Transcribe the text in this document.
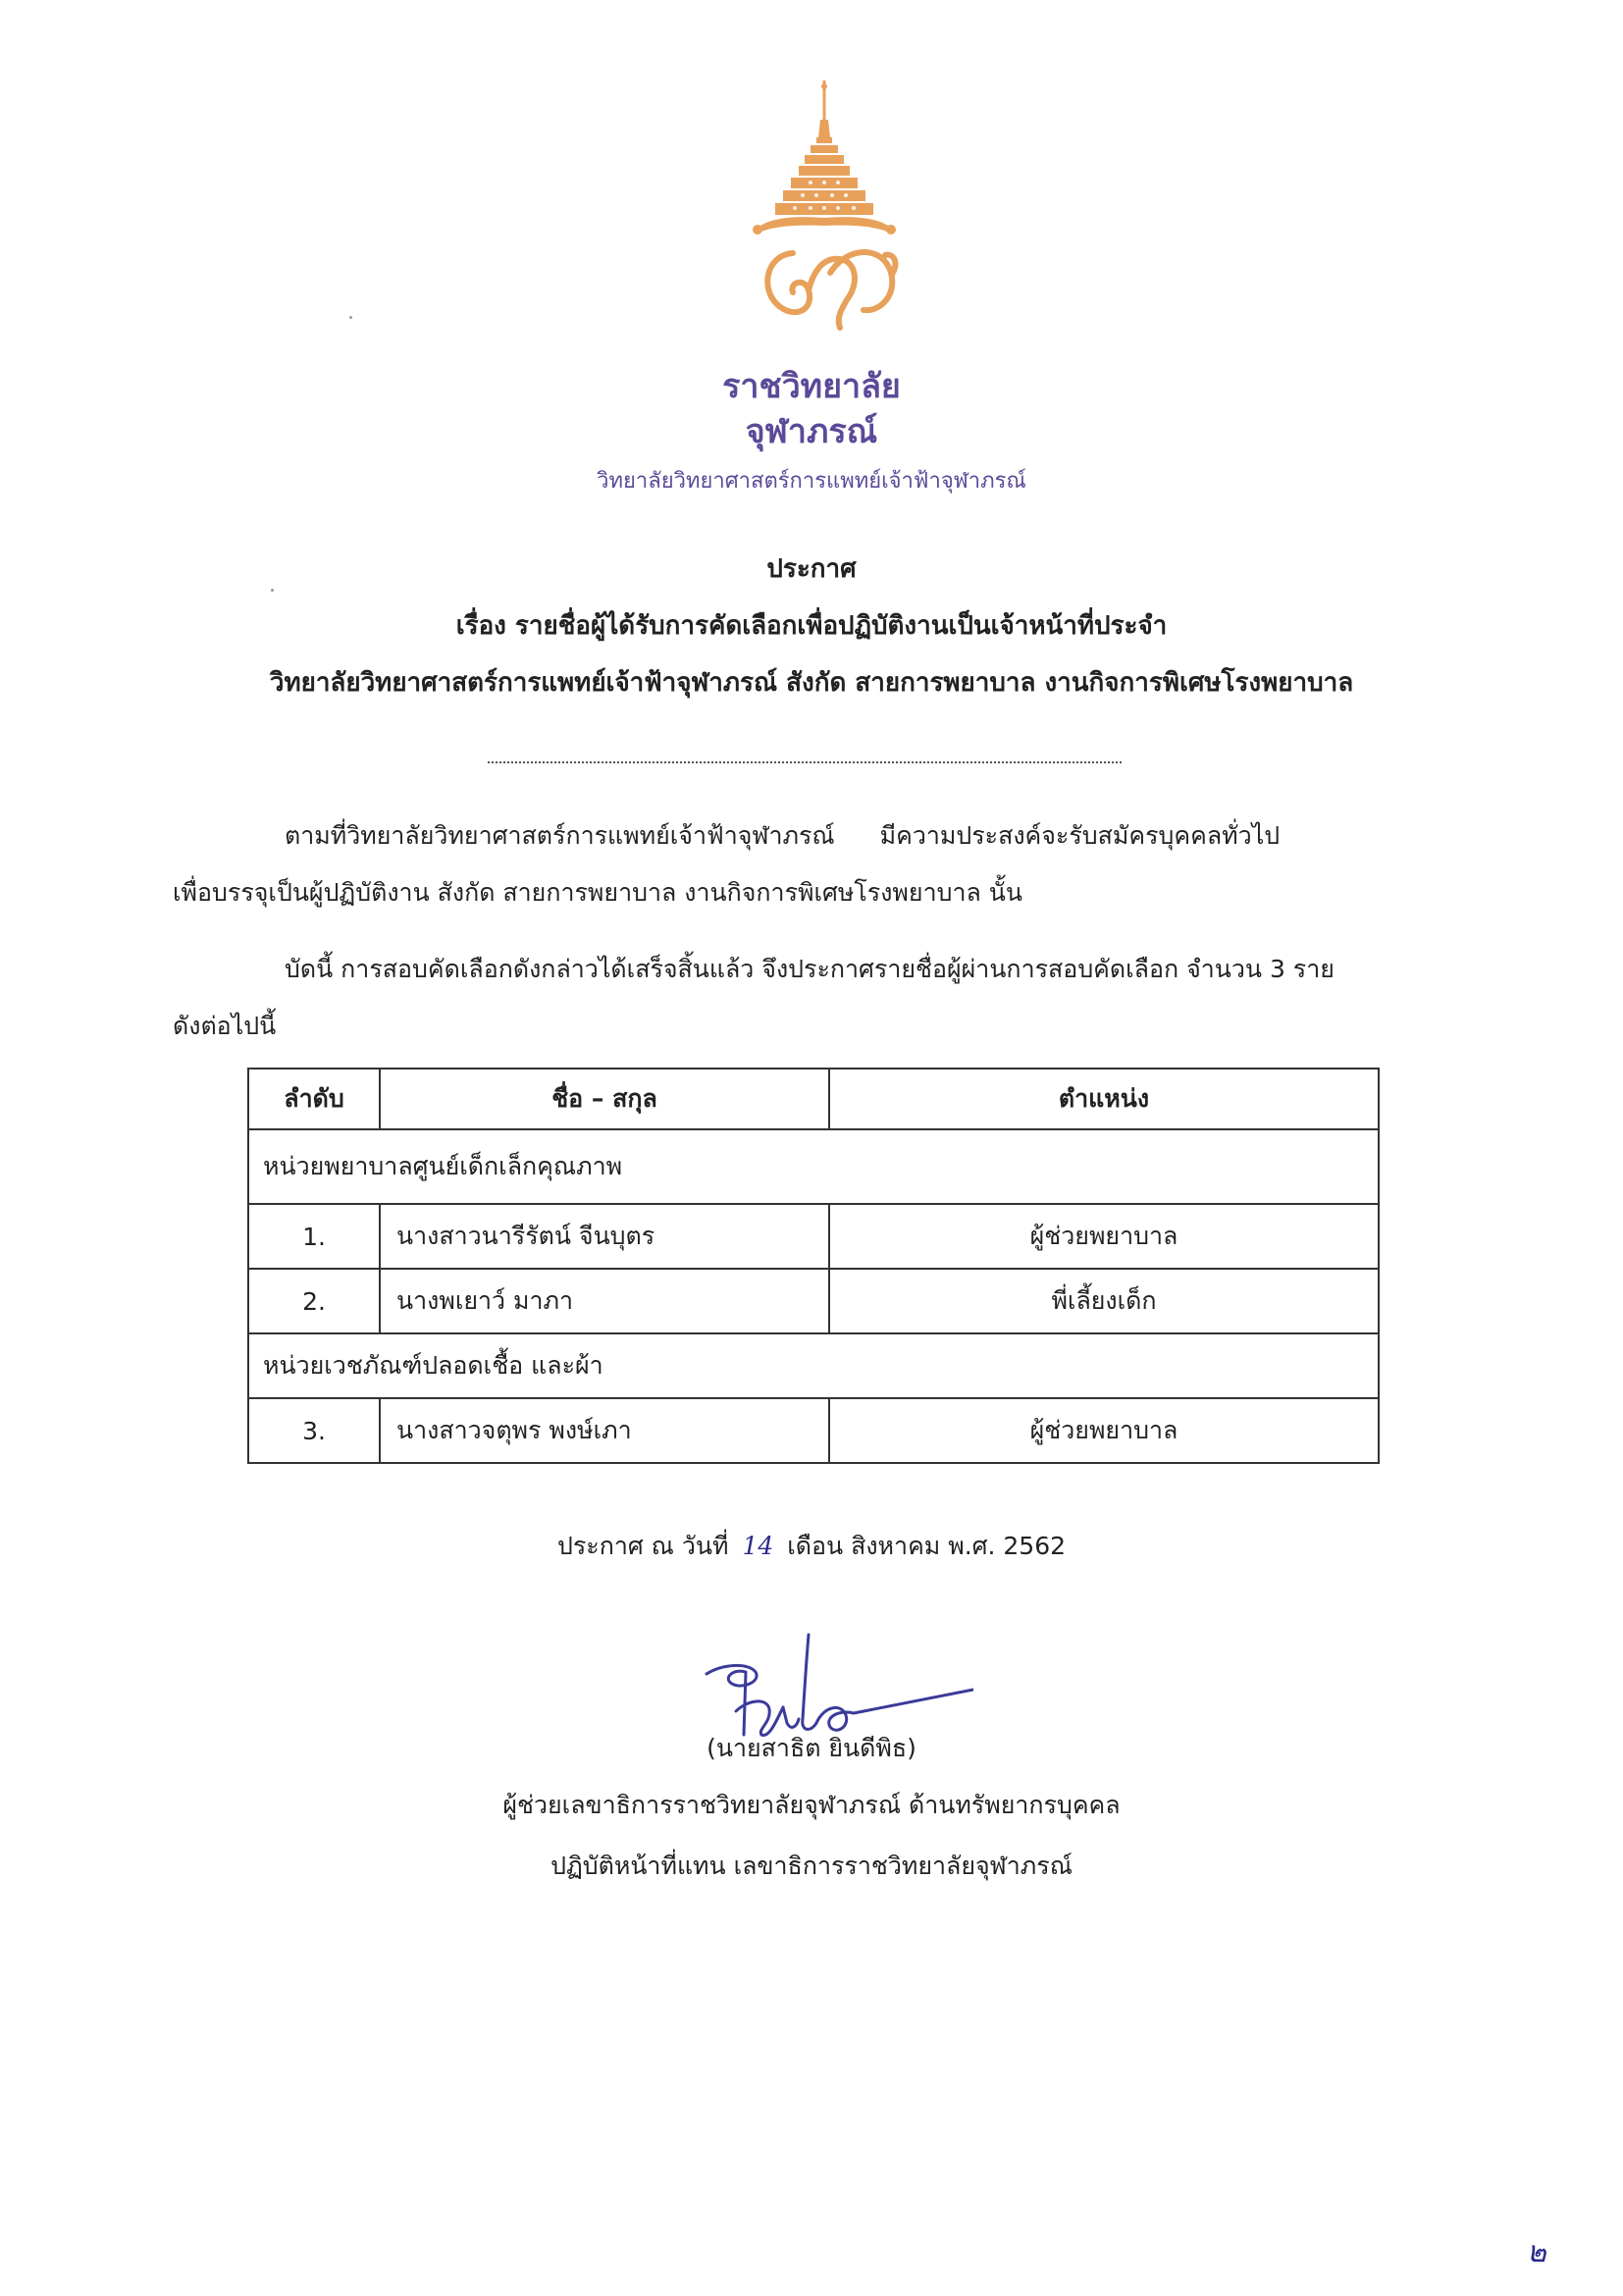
ราชวิทยาลัย
จุฬาภรณ์
วิทยาลัยวิทยาศาสตร์การแพทย์เจ้าฟ้าจุฬาภรณ์
ประกาศ
เรื่อง รายชื่อผู้ได้รับการคัดเลือกเพื่อปฏิบัติงานเป็นเจ้าหน้าที่ประจำ
วิทยาลัยวิทยาศาสตร์การแพทย์เจ้าฟ้าจุฬาภรณ์ สังกัด สายการพยาบาล งานกิจการพิเศษโรงพยาบาล
ตามที่วิทยาลัยวิทยาศาสตร์การแพทย์เจ้าฟ้าจุฬาภรณ์ มีความประสงค์จะรับสมัครบุคคลทั่วไป
เพื่อบรรจุเป็นผู้ปฏิบัติงาน สังกัด สายการพยาบาล งานกิจการพิเศษโรงพยาบาล นั้น
บัดนี้ การสอบคัดเลือกดังกล่าวได้เสร็จสิ้นแล้ว จึงประกาศรายชื่อผู้ผ่านการสอบคัดเลือก จำนวน 3 ราย
ดังต่อไปนี้
ลำดับ	ชื่อ – สกุล	ตำแหน่ง
หน่วยพยาบาลศูนย์เด็กเล็กคุณภาพ
1.	นางสาวนารีรัตน์ จีนบุตร	ผู้ช่วยพยาบาล
2.	นางพเยาว์ มาภา	พี่เลี้ยงเด็ก
หน่วยเวชภัณฑ์ปลอดเชื้อ และผ้า
3.	นางสาวจตุพร พงษ์เภา	ผู้ช่วยพยาบาล
ประกาศ ณ วันที่ 14 เดือน สิงหาคม พ.ศ. 2562
(นายสาธิต ยินดีพิธ)
ผู้ช่วยเลขาธิการราชวิทยาลัยจุฬาภรณ์ ด้านทรัพยากรบุคคล
ปฏิบัติหน้าที่แทน เลขาธิการราชวิทยาลัยจุฬาภรณ์
๒
